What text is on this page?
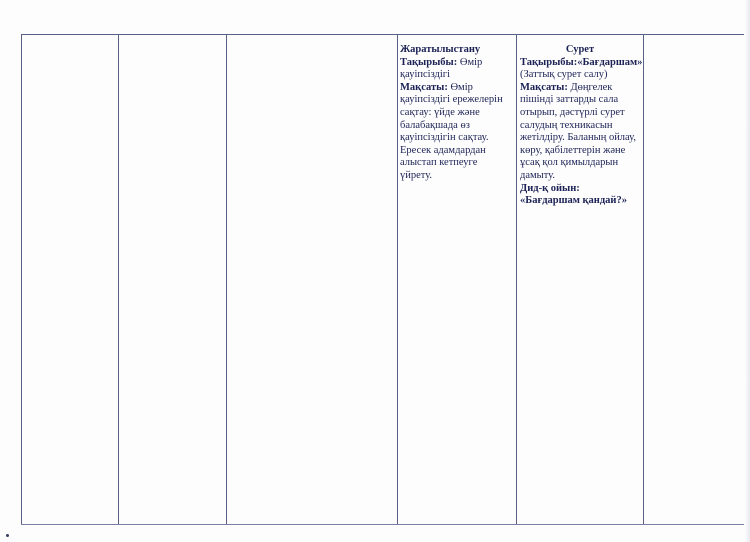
Жаратылыстану
Тақырыбы: Өмір қауіпсіздігі
Мақсаты: Өмір қауіпсіздігі ережелерін сақтау: үйде және балабақшада өз қауіпсіздігін сақтау. Ересек адамдардан алыстап кетпеуге үйрету.
Сурет
Тақырыбы:«Бағдаршам» (Заттық сурет салу)
Мақсаты: Дөңгелек пішінді заттарды сала отырып, дәстүрлі сурет салудың техникасын жетілдіру. Баланың ойлау, көру, қабілеттерін және ұсақ қол қимылдарын дамыту.
Дид-қ ойын:
«Бағдаршам қандай?»
